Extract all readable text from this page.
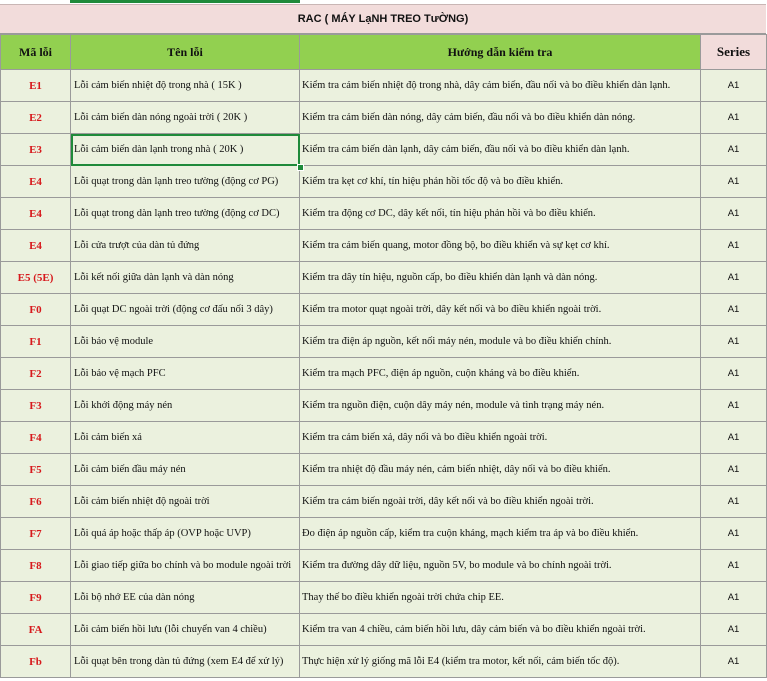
RAC ( MÁY LạNH TREO TưỜNG)
Mã lỗi	Tên lỗi	Hướng dẫn kiểm tra	Series
E1	Lỗi cảm biến nhiệt độ trong nhà ( 15K )	Kiểm tra cảm biến nhiệt độ trong nhà, dây cảm biến, đầu nối và bo điều khiển dàn lạnh.	A1
E2	Lỗi cảm biến dàn nóng ngoài trời ( 20K )	Kiểm tra cảm biến dàn nóng, dây cảm biến, đầu nối và bo điều khiển dàn nóng.	A1
E3	Lỗi cảm biến dàn lạnh trong nhà ( 20K )	Kiểm tra cảm biến dàn lạnh, dây cảm biến, đầu nối và bo điều khiển dàn lạnh.	A1
E4	Lỗi quạt trong dàn lạnh treo tường (động cơ PG)	Kiểm tra kẹt cơ khí, tín hiệu phản hồi tốc độ và bo điều khiển.	A1
E4	Lỗi quạt trong dàn lạnh treo tường (động cơ DC)	Kiểm tra động cơ DC, dây kết nối, tín hiệu phản hồi và bo điều khiển.	A1
E4	Lỗi cửa trượt của dàn tủ đứng	Kiểm tra cảm biến quang, motor đồng bộ, bo điều khiển và sự kẹt cơ khí.	A1
E5 (5E)	Lỗi kết nối giữa dàn lạnh và dàn nóng	Kiểm tra dây tín hiệu, nguồn cấp, bo điều khiển dàn lạnh và dàn nóng.	A1
F0	Lỗi quạt DC ngoài trời (động cơ đấu nối 3 dây)	Kiểm tra motor quạt ngoài trời, dây kết nối và bo điều khiển ngoài trời.	A1
F1	Lỗi bảo vệ module	Kiểm tra điện áp nguồn, kết nối máy nén, module và bo điều khiển chính.	A1
F2	Lỗi bảo vệ mạch PFC	Kiểm tra mạch PFC, điện áp nguồn, cuộn kháng và bo điều khiển.	A1
F3	Lỗi khởi động máy nén	Kiểm tra nguồn điện, cuộn dây máy nén, module và tình trạng máy nén.	A1
F4	Lỗi cảm biến xả	Kiểm tra cảm biến xả, dây nối và bo điều khiển ngoài trời.	A1
F5	Lỗi cảm biến đầu máy nén	Kiểm tra nhiệt độ đầu máy nén, cảm biến nhiệt, dây nối và bo điều khiển.	A1
F6	Lỗi cảm biến nhiệt độ ngoài trời	Kiểm tra cảm biến ngoài trời, dây kết nối và bo điều khiển ngoài trời.	A1
F7	Lỗi quá áp hoặc thấp áp (OVP hoặc UVP)	Đo điện áp nguồn cấp, kiểm tra cuộn kháng, mạch kiểm tra áp và bo điều khiển.	A1
F8	Lỗi giao tiếp giữa bo chính và bo module ngoài trời	Kiểm tra đường dây dữ liệu, nguồn 5V, bo module và bo chính ngoài trời.	A1
F9	Lỗi bộ nhớ EE của dàn nóng	Thay thế bo điều khiển ngoài trời chứa chip EE.	A1
FA	Lỗi cảm biến hồi lưu (lỗi chuyển van 4 chiều)	Kiểm tra van 4 chiều, cảm biến hồi lưu, dây cảm biến và bo điều khiển ngoài trời.	A1
Fb	Lỗi quạt bên trong dàn tủ đứng (xem E4 để xử lý)	Thực hiện xử lý giống mã lỗi E4 (kiểm tra motor, kết nối, cảm biến tốc độ).	A1
